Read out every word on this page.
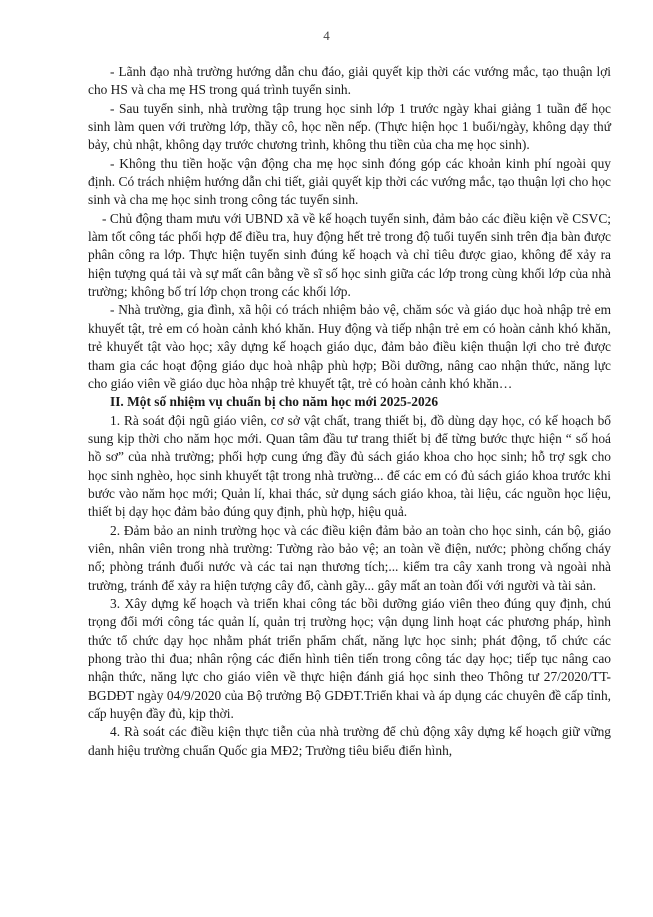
4

- Lãnh đạo nhà trường hướng dẫn chu đáo, giải quyết kịp thời các vướng mắc, tạo thuận lợi cho HS và cha mẹ HS trong quá trình tuyển sinh.

- Sau tuyển sinh, nhà trường tập trung học sinh lớp 1 trước ngày khai giảng 1 tuần để học sinh làm quen với trường lớp, thầy cô, học nền nếp. (Thực hiện học 1 buổi/ngày, không dạy thứ bảy, chủ nhật, không dạy trước chương trình, không thu tiền của cha mẹ học sinh).

- Không thu tiền hoặc vận động cha mẹ học sinh đóng góp các khoản kinh phí ngoài quy định. Có trách nhiệm hướng dẫn chi tiết, giải quyết kịp thời các vướng mắc, tạo thuận lợi cho học sinh và cha mẹ học sinh trong công tác tuyển sinh.

- Chủ động tham mưu với UBND xã về kế hoạch tuyển sinh, đảm bảo các điều kiện về CSVC; làm tốt công tác phối hợp để điều tra, huy động hết trẻ trong độ tuổi tuyển sinh trên địa bàn được phân công ra lớp. Thực hiện tuyển sinh đúng kế hoạch và chỉ tiêu được giao, không để xảy ra hiện tượng quá tải và sự mất cân bằng về sĩ số học sinh giữa các lớp trong cùng khối lớp của nhà trường; không bố trí lớp chọn trong các khối lớp.

- Nhà trường, gia đình, xã hội có trách nhiệm bảo vệ, chăm sóc và giáo dục hoà nhập trẻ em khuyết tật, trẻ em có hoàn cảnh khó khăn. Huy động và tiếp nhận trẻ em có hoàn cảnh khó khăn, trẻ khuyết tật vào học; xây dựng kế hoạch giáo dục, đảm bảo điều kiện thuận lợi cho trẻ được tham gia các hoạt động giáo dục hoà nhập phù hợp; Bồi dưỡng, nâng cao nhận thức, năng lực cho giáo viên về giáo dục hòa nhập trẻ khuyết tật, trẻ có hoàn cảnh khó khăn…

II. Một số nhiệm vụ chuẩn bị cho năm học mới 2025-2026

1. Rà soát đội ngũ giáo viên, cơ sở vật chất, trang thiết bị, đồ dùng dạy học, có kế hoạch bổ sung kịp thời cho năm học mới. Quan tâm đầu tư trang thiết bị để từng bước thực hiện “ số hoá hồ sơ” của nhà trường; phối hợp cung ứng đầy đủ sách giáo khoa cho học sinh; hỗ trợ sgk cho học sinh nghèo, học sinh khuyết tật trong nhà trường... để các em có đủ sách giáo khoa trước khi bước vào năm học mới; Quản lí, khai thác, sử dụng sách giáo khoa, tài liệu, các nguồn học liệu, thiết bị dạy học đảm bảo đúng quy định, phù hợp, hiệu quả.

2. Đảm bảo an ninh trường học và các điều kiện đảm bảo an toàn cho học sinh, cán bộ, giáo viên, nhân viên trong nhà trường: Tường rào bảo vệ; an toàn về điện, nước; phòng chống cháy nổ; phòng tránh đuối nước và các tai nạn thương tích;... kiểm tra cây xanh trong và ngoài nhà trường, tránh để xảy ra hiện tượng cây đổ, cành gãy... gây mất an toàn đối với người và tài sản.

3. Xây dựng kế hoạch và triển khai công tác bồi dưỡng giáo viên theo đúng quy định, chú trọng đổi mới công tác quản lí, quản trị trường học; vận dụng linh hoạt các phương pháp, hình thức tổ chức dạy học nhằm phát triển phẩm chất, năng lực học sinh; phát động, tổ chức các phong trào thi đua; nhân rộng các điển hình tiên tiến trong công tác dạy học; tiếp tục nâng cao nhận thức, năng lực cho giáo viên về thực hiện đánh giá học sinh theo Thông tư 27/2020/TT-BGDĐT ngày 04/9/2020 của Bộ trưởng Bộ GDĐT.Triển khai và áp dụng các chuyên đề cấp tỉnh, cấp huyện đầy đủ, kịp thời.

4. Rà soát các điều kiện thực tiễn của nhà trường để chủ động xây dựng kế hoạch giữ vững danh hiệu trường chuẩn Quốc gia MĐ2; Trường tiêu biểu điển hình,
